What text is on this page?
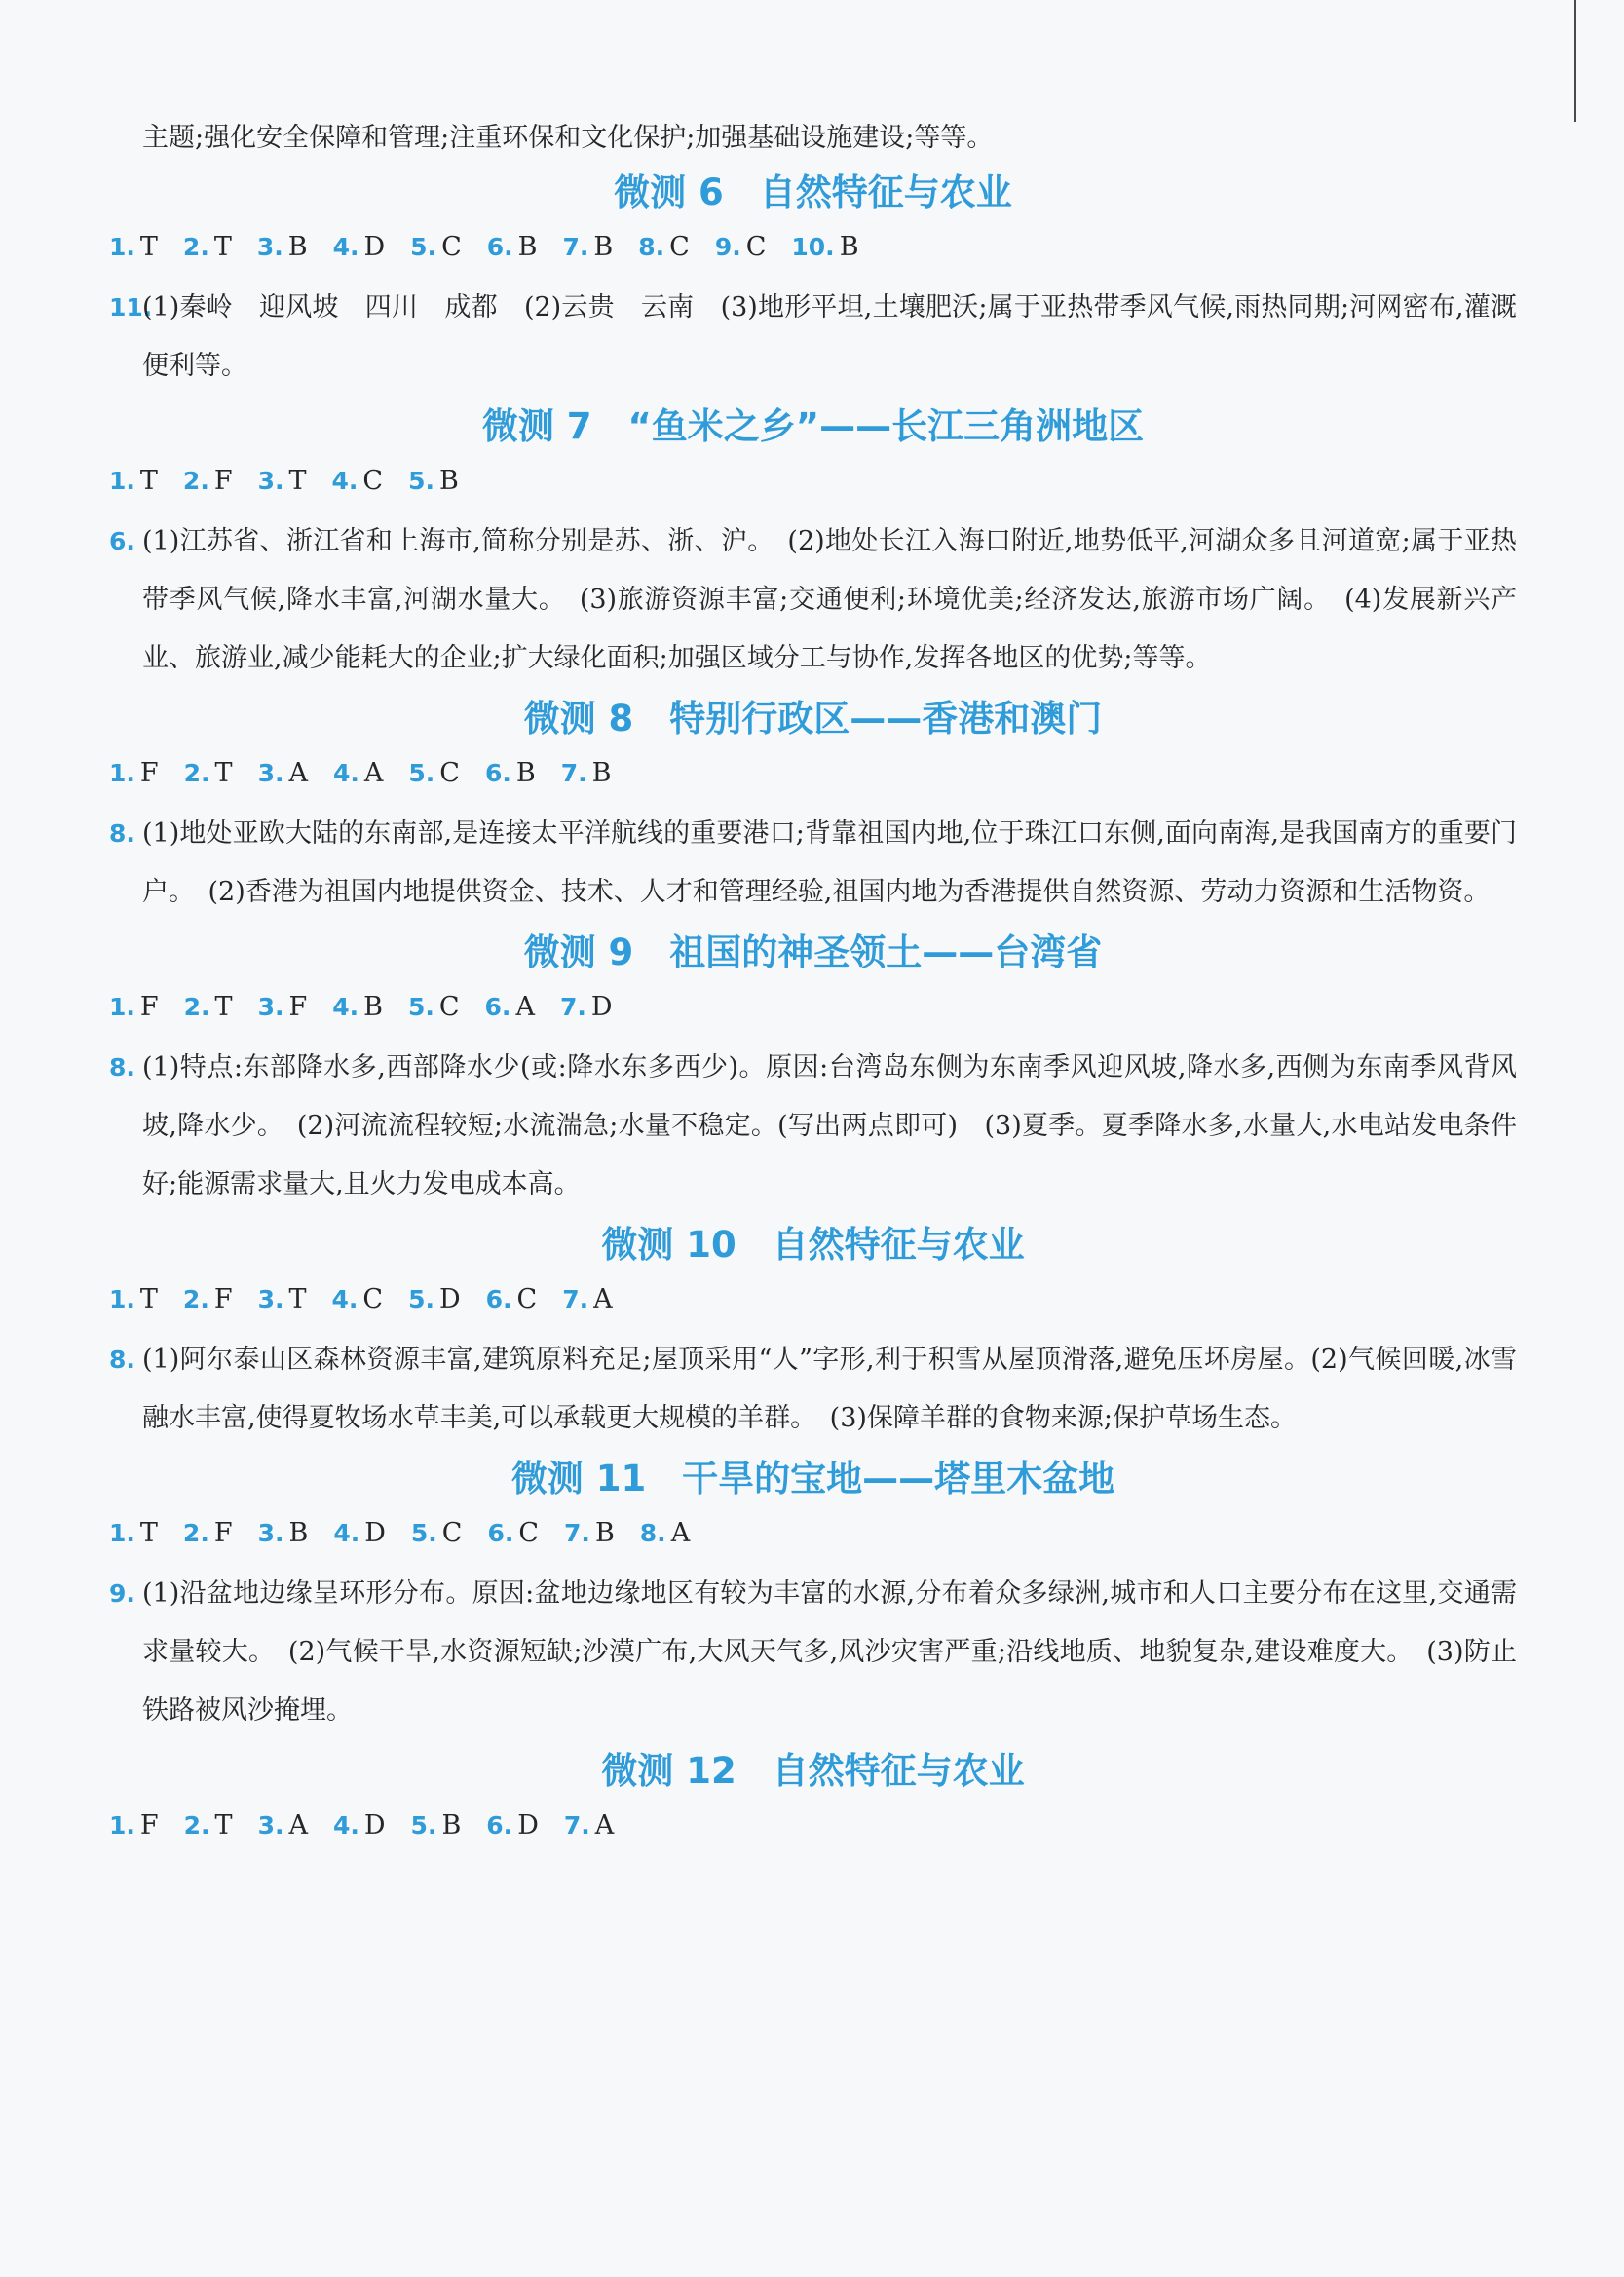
主题;强化安全保障和管理;注重环保和文化保护;加强基础设施建设;等等。
微测 6　自然特征与农业
1. T 2. T 3. B 4. D 5. C 6. B 7. B 8. C 9. C 10. B
11.
(1)秦岭　迎风坡　四川　成都　(2)云贵　云南　(3)地形平坦,土壤肥沃;属于亚热带季风气候,雨热同期;河网密布,灌溉便利等。
微测 7　“鱼米之乡”——长江三角洲地区
1. T 2. F 3. T 4. C 5. B
6. (1)江苏省、浙江省和上海市,简称分别是苏、浙、沪。　(2)地处长江入海口附近,地势低平,河湖众多且河道宽;属于亚热带季风气候,降水丰富,河湖水量大。　(3)旅游资源丰富;交通便利;环境优美;经济发达,旅游市场广阔。　(4)发展新兴产业、旅游业,减少能耗大的企业;扩大绿化面积;加强区域分工与协作,发挥各地区的优势;等等。
微测 8　特别行政区——香港和澳门
1. F 2. T 3. A 4. A 5. C 6. B 7. B
8. (1)地处亚欧大陆的东南部,是连接太平洋航线的重要港口;背靠祖国内地,位于珠江口东侧,面向南海,是我国南方的重要门户。　(2)香港为祖国内地提供资金、技术、人才和管理经验,祖国内地为香港提供自然资源、劳动力资源和生活物资。
微测 9　祖国的神圣领土——台湾省
1. F 2. T 3. F 4. B 5. C 6. A 7. D
8. (1)特点:东部降水多,西部降水少(或:降水东多西少)。原因:台湾岛东侧为东南季风迎风坡,降水多,西侧为东南季风背风坡,降水少。　(2)河流流程较短;水流湍急;水量不稳定。(写出两点即可)　(3)夏季。夏季降水多,水量大,水电站发电条件好;能源需求量大,且火力发电成本高。
微测 10　自然特征与农业
1. T 2. F 3. T 4. C 5. D 6. C 7. A
8. (1)阿尔泰山区森林资源丰富,建筑原料充足;屋顶采用“人”字形,利于积雪从屋顶滑落,避免压坏房屋。(2)气候回暖,冰雪融水丰富,使得夏牧场水草丰美,可以承载更大规模的羊群。　(3)保障羊群的食物来源;保护草场生态。
微测 11　干旱的宝地——塔里木盆地
1. T 2. F 3. B 4. D 5. C 6. C 7. B 8. A
9. (1)沿盆地边缘呈环形分布。原因:盆地边缘地区有较为丰富的水源,分布着众多绿洲,城市和人口主要分布在这里,交通需求量较大。　(2)气候干旱,水资源短缺;沙漠广布,大风天气多,风沙灾害严重;沿线地质、地貌复杂,建设难度大。　(3)防止铁路被风沙掩埋。
微测 12　自然特征与农业
1. F 2. T 3. A 4. D 5. B 6. D 7. A
